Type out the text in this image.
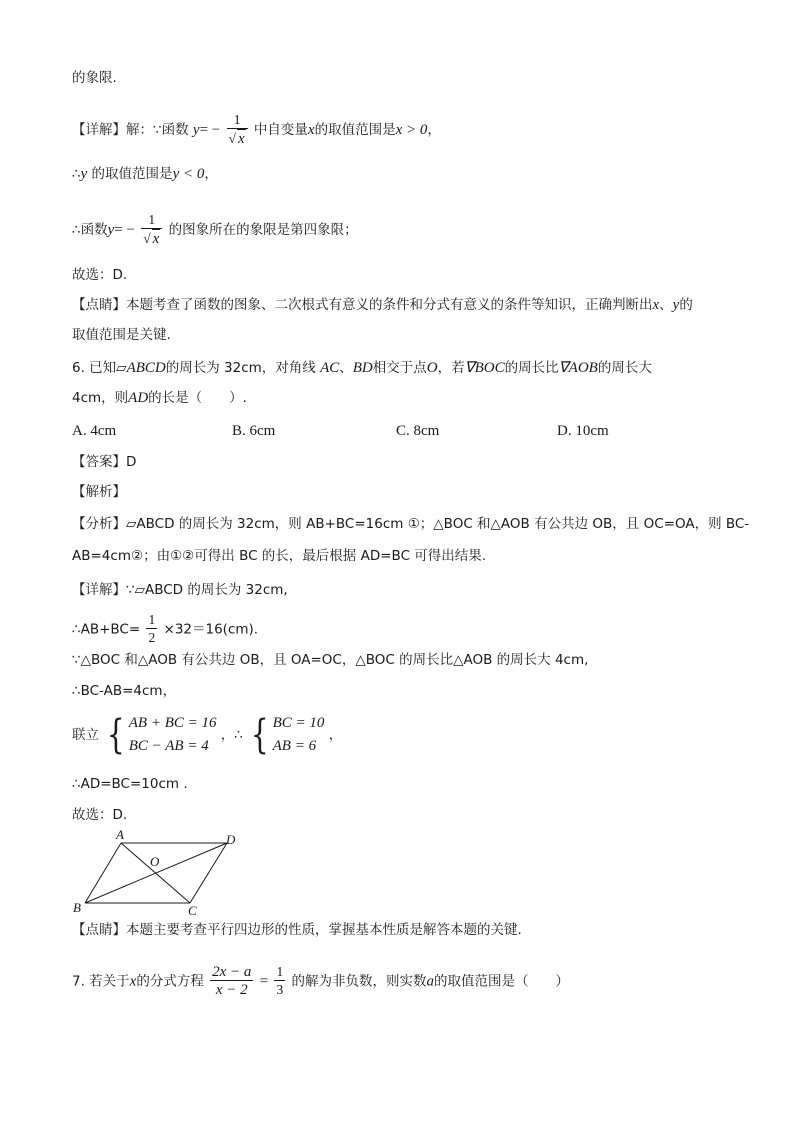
的象限.
【详解】解：∵函数 $y= - \frac{1}{√ x}$ 中自变量x的取值范围是x > 0，
∴y 的取值范围是y < 0，
∴函数$y= - \frac{1}{√ x}$ 的图象所在的象限是第四象限；
故选：D.
【点睛】本题考查了函数的图象、二次根式有意义的条件和分式有意义的条件等知识，正确判断出x、y的
取值范围是关键.
6. 已知▱ABCD的周长为 32cm，对角线 AC、BD相交于点O，若∇BOC的周长比∇AOB的周长大
4cm，则AD的长是（　　）.
A. 4cm	B. 6cm	C. 8cm	D. 10cm
【答案】D
【解析】
【分析】▱ABCD 的周长为 32cm，则 AB+BC=16cm ①；△BOC 和△AOB 有公共边 OB，且 OC=OA，则 BC-
AB=4cm②；由①②可得出 BC 的长，最后根据 AD=BC 可得出结果.
【详解】∵▱ABCD 的周长为 32cm,
∴AB+BC= $\frac{1}{2} \times 32=16(cm)$.
∵△BOC 和△AOB 有公共边 OB，且 OA=OC，△BOC 的周长比△AOB 的周长大 4cm,
∴BC-AB=4cm，
联立 { AB + BC = 16
BC − AB = 4
，∴ { BC = 10
AB = 6
，
∴AD=BC=10cm .
故选：D.
A	D
O
B	C
【点睛】本题主要考查平行四边形的性质，掌握基本性质是解答本题的关键.
7. 若关于x的分式方程 $\frac{2x - a}{x - 2} = \frac{1}{3}$ 的解为非负数，则实数a的取值范围是（　　）
